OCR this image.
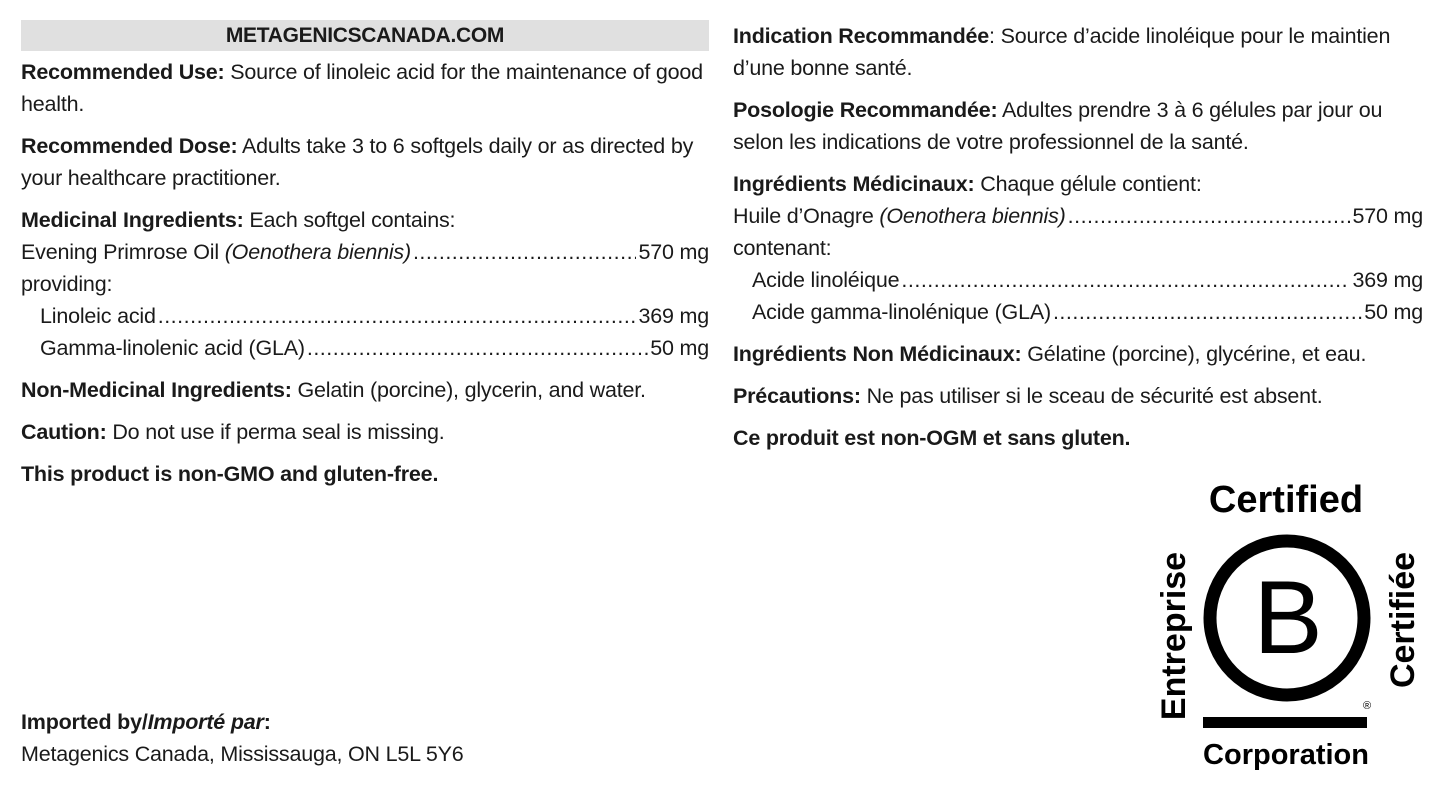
METAGENICSCANADA.COM

Recommended Use: Source of linoleic acid for the maintenance of good health.

Recommended Dose: Adults take 3 to 6 softgels daily or as directed by your healthcare practitioner.

Medicinal Ingredients: Each softgel contains:
Evening Primrose Oil (Oenothera biennis) .....	570 mg
providing:
Linoleic acid .....	369 mg
Gamma-linolenic acid (GLA) .....	50 mg

Non-Medicinal Ingredients: Gelatin (porcine), glycerin, and water.

Caution: Do not use if perma seal is missing.

This product is non-GMO and gluten-free.

Indication Recommandée: Source d’acide linoléique pour le maintien d’une bonne santé.

Posologie Recommandée: Adultes prendre 3 à 6 gélules par jour ou selon les indications de votre professionnel de la santé.

Ingrédients Médicinaux: Chaque gélule contient:
Huile d’Onagre (Oenothera biennis) .....	570 mg
contenant:
Acide linoléique .....	369 mg
Acide gamma-linolénique (GLA) .....	50 mg

Ingrédients Non Médicinaux: Gélatine (porcine), glycérine, et eau.

Précautions: Ne pas utiliser si le sceau de sécurité est absent.

Ce produit est non-OGM et sans gluten.

Imported by/Importé par:
Metagenics Canada, Mississauga, ON L5L 5Y6
Certified
Entreprise	Certifiée
B
®
Corporation
